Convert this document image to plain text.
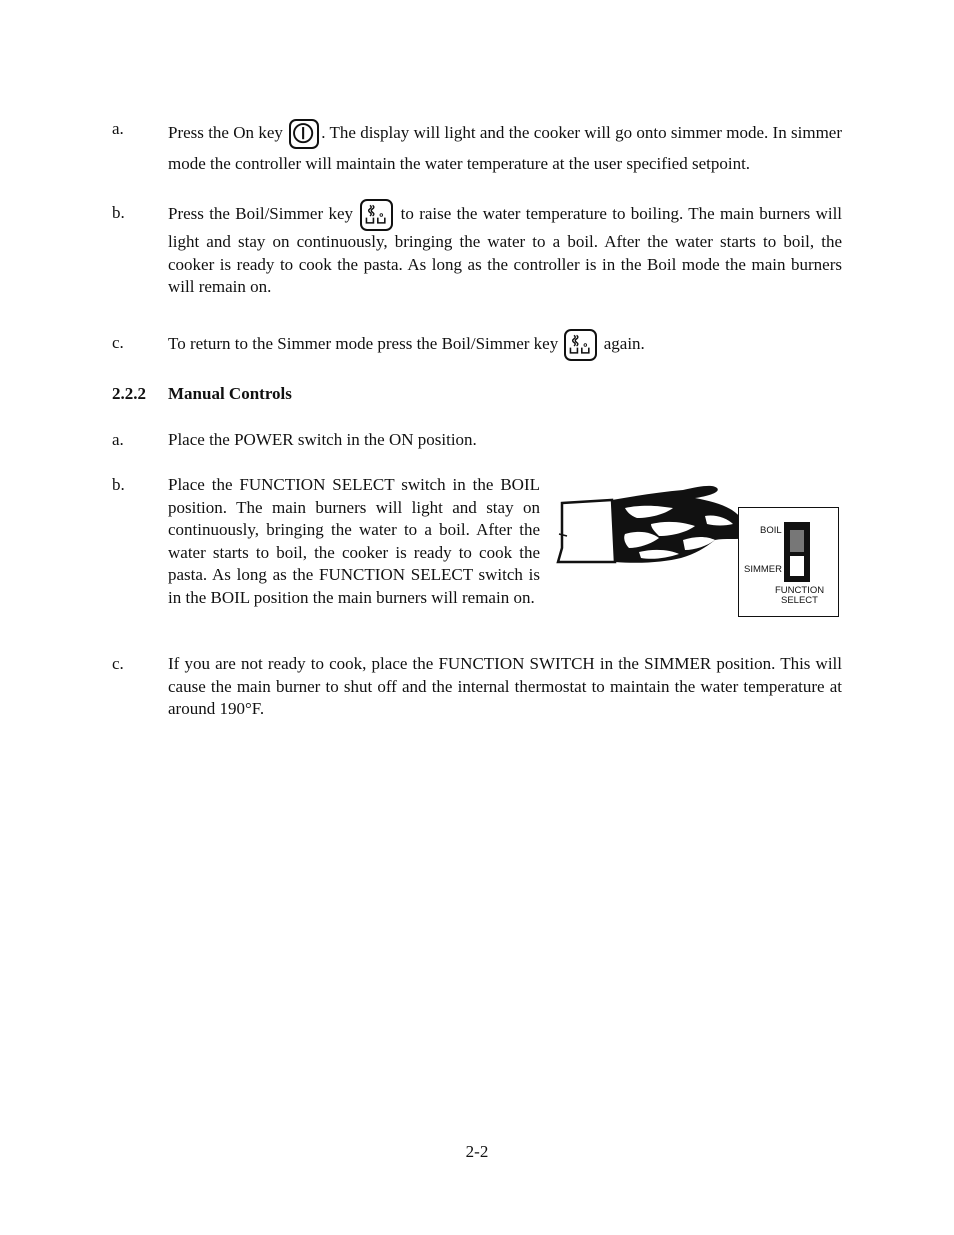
a.	Press the On key . The display will light and the cooker will go onto simmer mode. In simmer mode the controller will maintain the water temperature at the user specified setpoint.
b.	Press the Boil/Simmer key	to raise the water temperature to boiling. The main burners will light and stay on continuously, bringing the water to a boil. After the water starts to boil, the cooker is ready to cook the pasta. As long as the controller is in the Boil mode the main burners will remain on.
c.	To return to the Simmer mode press the Boil/Simmer key	again.
2.2.2 Manual Controls
a.	Place the POWER switch in the ON position.
b.	Place the FUNCTION SELECT switch in the BOIL position. The main burners will light and stay on continuously, bringing the water to a boil. After the water starts to boil, the cooker is ready to cook the pasta. As long as the FUNCTION SELECT switch is in the BOIL position the main burners will remain on.
BOIL
SIMMER
FUNCTION
SELECT
c.	If you are not ready to cook, place the FUNCTION SWITCH in the SIMMER position. This will cause the main burner to shut off and the internal thermostat to maintain the water temperature at around 190°F.
2-2
